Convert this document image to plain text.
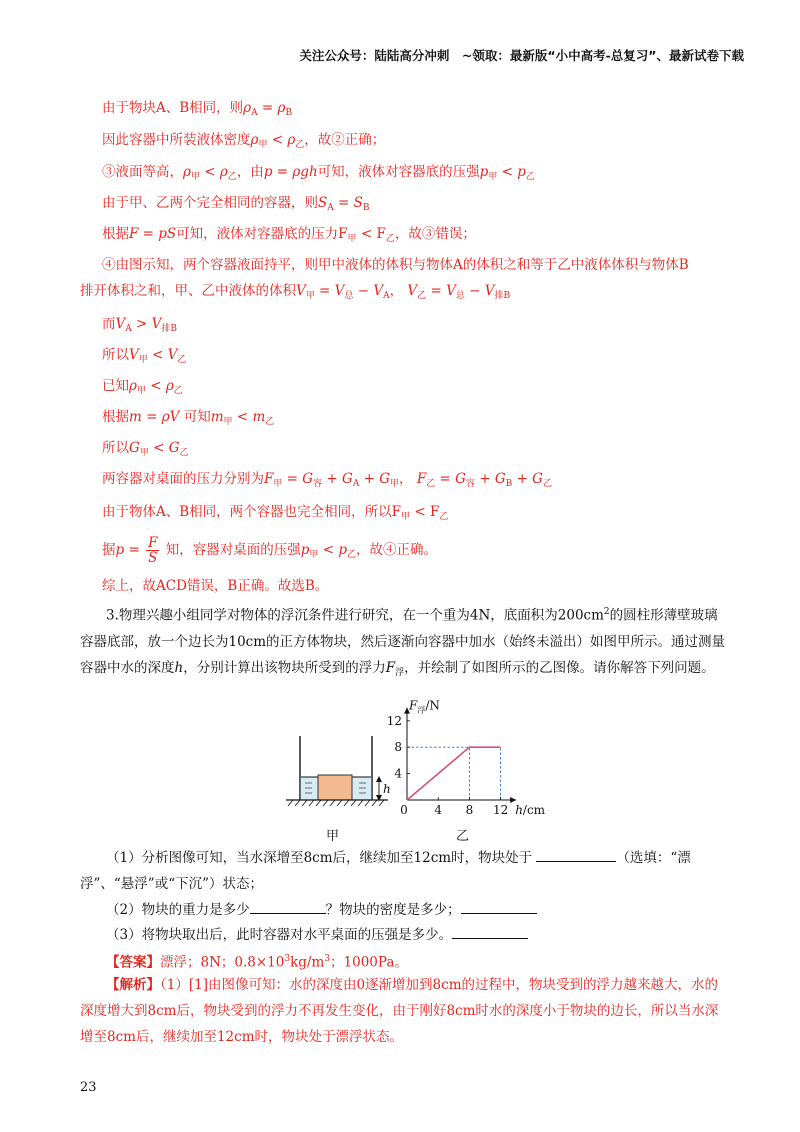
关注公众号：陆陆高分冲刺　~领取：最新版“小中高考-总复习”、最新试卷下载
由于物块A、B相同，则$\rho_A = \rho_B$
因此容器中所装液体密度$\rho_甲 < \rho_乙$，故②正确；
③液面等高，$\rho_甲 < \rho_乙$，由p = ρgh可知，液体对容器底的压强$p_甲 < p_乙$
由于甲、乙两个完全相同的容器，则$S_A = S_B$
根据F = pS可知，液体对容器底的压力$F_甲 < F_乙$，故③错误；
④由图示知，两个容器液面持平，则甲中液体的体积与物体A的体积之和等于乙中液体体积与物体B
排开体积之和，甲、乙中液体的体积$V_甲 = V_总 - V_A$， $V_乙 = V_总 - V_{排B}$
而$V_A > V_{排B}$
所以$V_甲 < V_乙$
已知$\rho_甲 < \rho_乙$
根据m = ρV 可知$m_甲 < m_乙$
所以$G_甲 < G_乙$
两容器对桌面的压力分别为$F_甲 = G_容 + G_A + G_甲$， $F_乙 = G_容 + G_B + G_乙$
由于物体A、B相同，两个容器也完全相同，所以$F_甲 < F_乙$
据$p = \frac{F}{S}$ 知，容器对桌面的压强$p_甲 < p_乙$，故④正确。
综上，故ACD错误，B正确。故选B。
3.物理兴趣小组同学对物体的浮沉条件进行研究，在一个重为4N，底面积为$200cm^2$的圆柱形薄壁玻璃容器底部，放一个边长为10cm的正方体物块，然后逐渐向容器中加水（始终未溢出）如图甲所示。通过测量容器中水的深度h，分别计算出该物块所受到的浮力$F_浮$，并绘制了如图所示的乙图像。请你解答下列问题。
h
甲
0 4 8 12
4
8
12
$F_浮/N$
h/cm
乙
（1）分析图像可知，当水深增至8cm后，继续加至12cm时，物块处于	（选填：“漂浮”、“悬浮”或“下沉”）状态；
（2）物块的重力是多少	？物块的密度是多少；
（3）将物块取出后，此时容器对水平桌面的压强是多少。
【答案】漂浮；8N；$0.8\times 10^3kg/m^3$；1000Pa。
【解析】（1）[1]由图像可知：水的深度由0逐渐增加到8cm的过程中，物块受到的浮力越来越大，水的深度增大到8cm后，物块受到的浮力不再发生变化，由于刚好8cm时水的深度小于物块的边长，所以当水深增至8cm后，继续加至12cm时，物块处于漂浮状态。
23
